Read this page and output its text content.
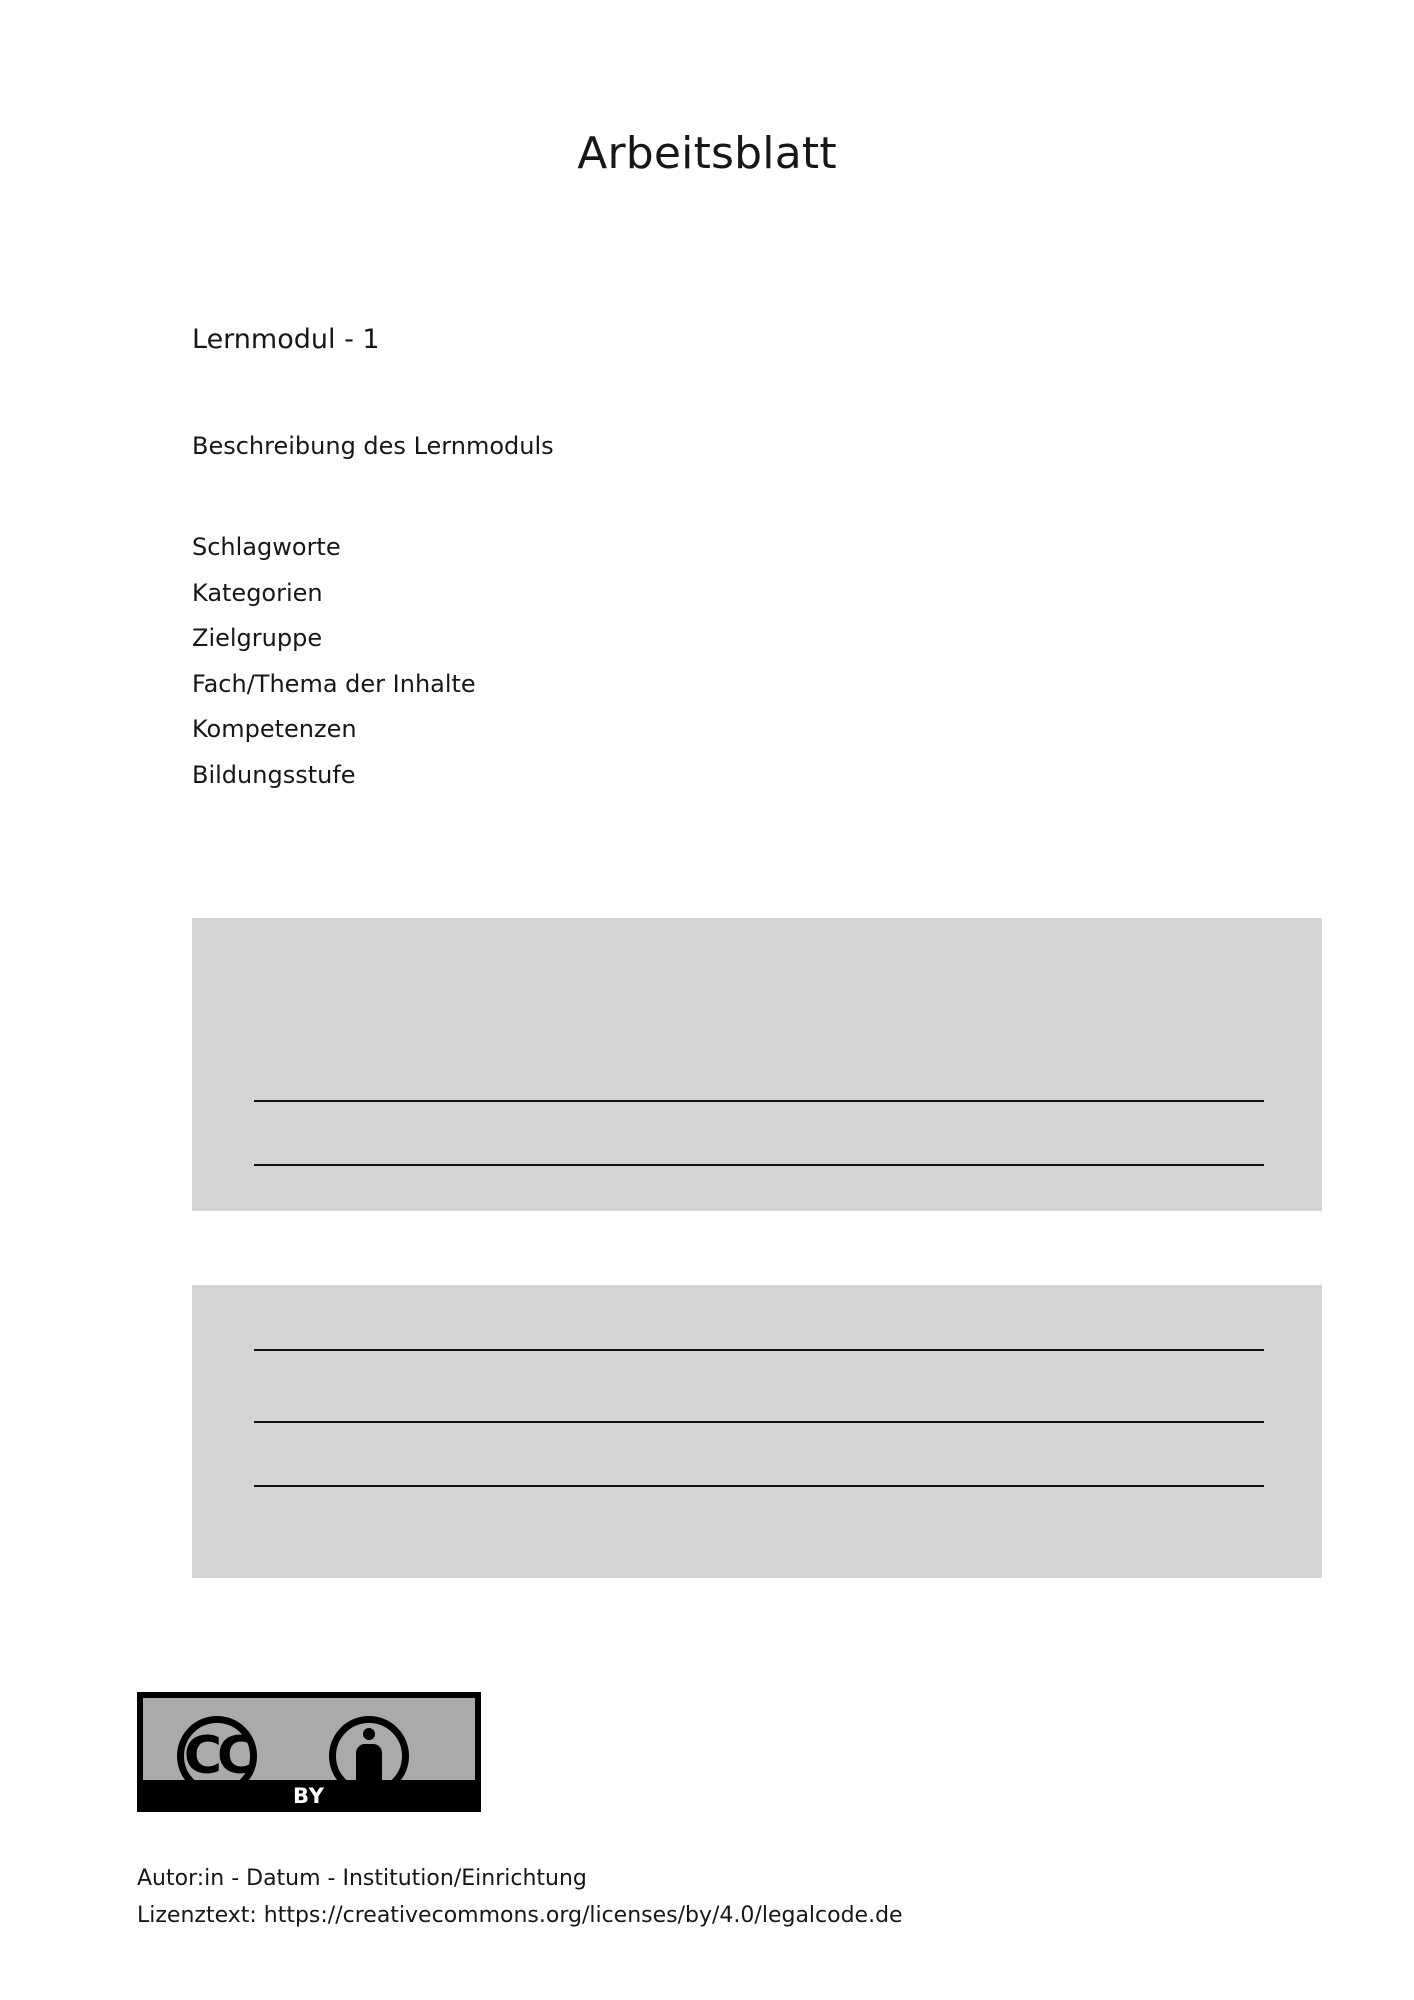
Arbeitsblatt
Lernmodul - 1
Beschreibung des Lernmoduls
Schlagworte
Kategorien
Zielgruppe
Fach/Thema der Inhalte
Kompetenzen
Bildungsstufe
CC
BY
Autor:in - Datum - Institution/Einrichtung
Lizenztext: https://creativecommons.org/licenses/by/4.0/legalcode.de
